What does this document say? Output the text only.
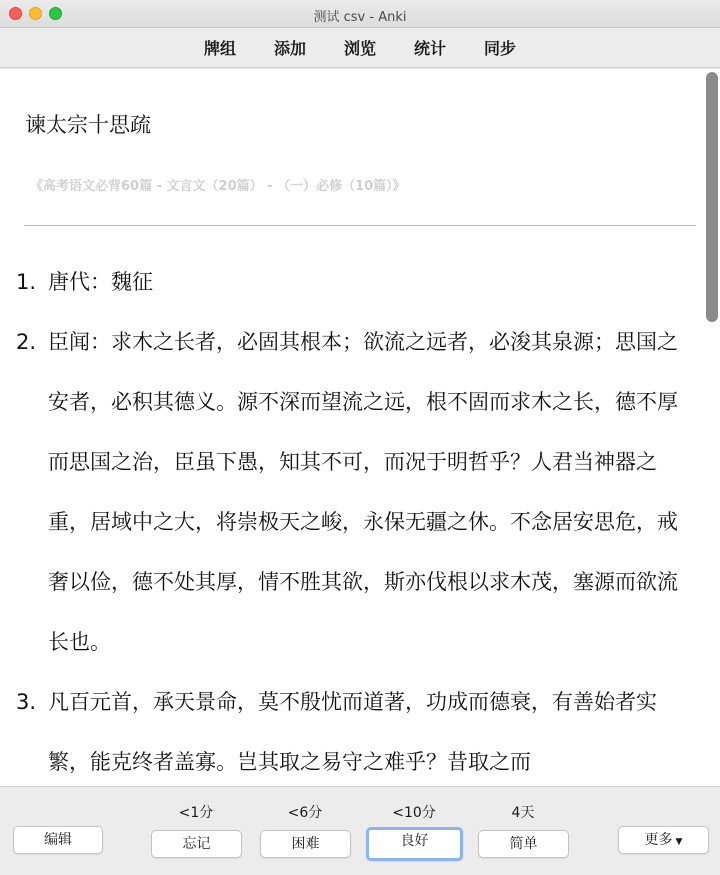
测试 csv - Anki
牌组	添加	浏览	统计	同步
谏太宗十思疏
《高考语文必背60篇 - 文言文（20篇） - （一）必修（10篇）》
1. 唐代：魏征
2. 臣闻：求木之长者，必固其根本；欲流之远者，必浚其泉源；思国之安者，必积其德义。源不深而望流之远，根不固而求木之长，德不厚而思国之治，臣虽下愚，知其不可，而况于明哲乎？人君当神器之重，居域中之大，将崇极天之峻，永保无疆之休。不念居安思危，戒奢以俭，德不处其厚，情不胜其欲，斯亦伐根以求木茂，塞源而欲流长也。
3. 凡百元首，承天景命，莫不殷忧而道著，功成而德衰，有善始者实繁，能克终者盖寡。岂其取之易守之难乎？昔取之而
编辑
<1分
忘记
<6分
困难
<10分
良好
4天
简单	更多 ▼
